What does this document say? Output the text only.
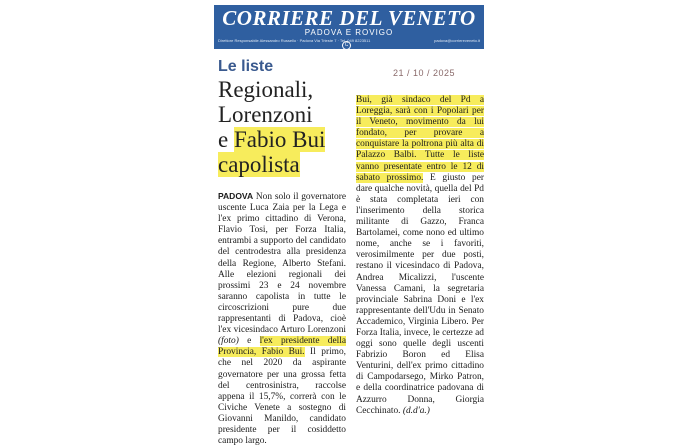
CORRIERE DEL VENETO
PADOVA E ROVIGO
Direttore Responsabile Alessandro Russello · Padova Via Trieste 7 · Tel. 049 8223511	padova@corriereveneto.it
C
Le liste	21 / 10 / 2025
Regionali,
Lorenzoni
e Fabio Bui
capolista

PADOVA Non solo il governatore uscente Luca Zaia per la Lega e l'ex primo cittadino di Verona, Flavio Tosi, per Forza Italia, entrambi a supporto del candidato del centrodestra alla presidenza della Regione, Alberto Stefani. Alle elezioni regionali dei prossimi 23 e 24 novembre saranno capolista in tutte le circoscrizioni pure due rappresentanti di Padova, cioè l'ex vicesindaco Arturo Lorenzoni (foto) e l'ex presidente della Provincia, Fabio Bui. Il primo, che nel 2020 da aspirante governatore per una grossa fetta del centrosinistra, raccolse appena il 15,7%, correrà con le Civiche Venete a sostegno di Giovanni Manildo, candidato presidente per il cosiddetto campo largo.

Bui, già sindaco del Pd a Loreggia, sarà con i Popolari per il Veneto, movimento da lui fondato, per provare a conquistare la poltrona più alta di Palazzo Balbi. Tutte le liste vanno presentate entro le 12 di sabato prossimo. E giusto per dare qualche novità, quella del Pd è stata completata ieri con l'inserimento della storica militante di Gazzo, Franca Bartolamei, come nono ed ultimo nome, anche se i favoriti, verosimilmente per due posti, restano il vicesindaco di Padova, Andrea Micalizzi, l'uscente Vanessa Camani, la segretaria provinciale Sabrina Doni e l'ex rappresentante dell'Udu in Senato Accademico, Virginia Libero. Per Forza Italia, invece, le certezze ad oggi sono quelle degli uscenti Fabrizio Boron ed Elisa Venturini, dell'ex primo cittadino di Campodarsego, Mirko Patron, e della coordinatrice padovana di Azzurro Donna, Giorgia Cecchinato. (d.d'a.)
